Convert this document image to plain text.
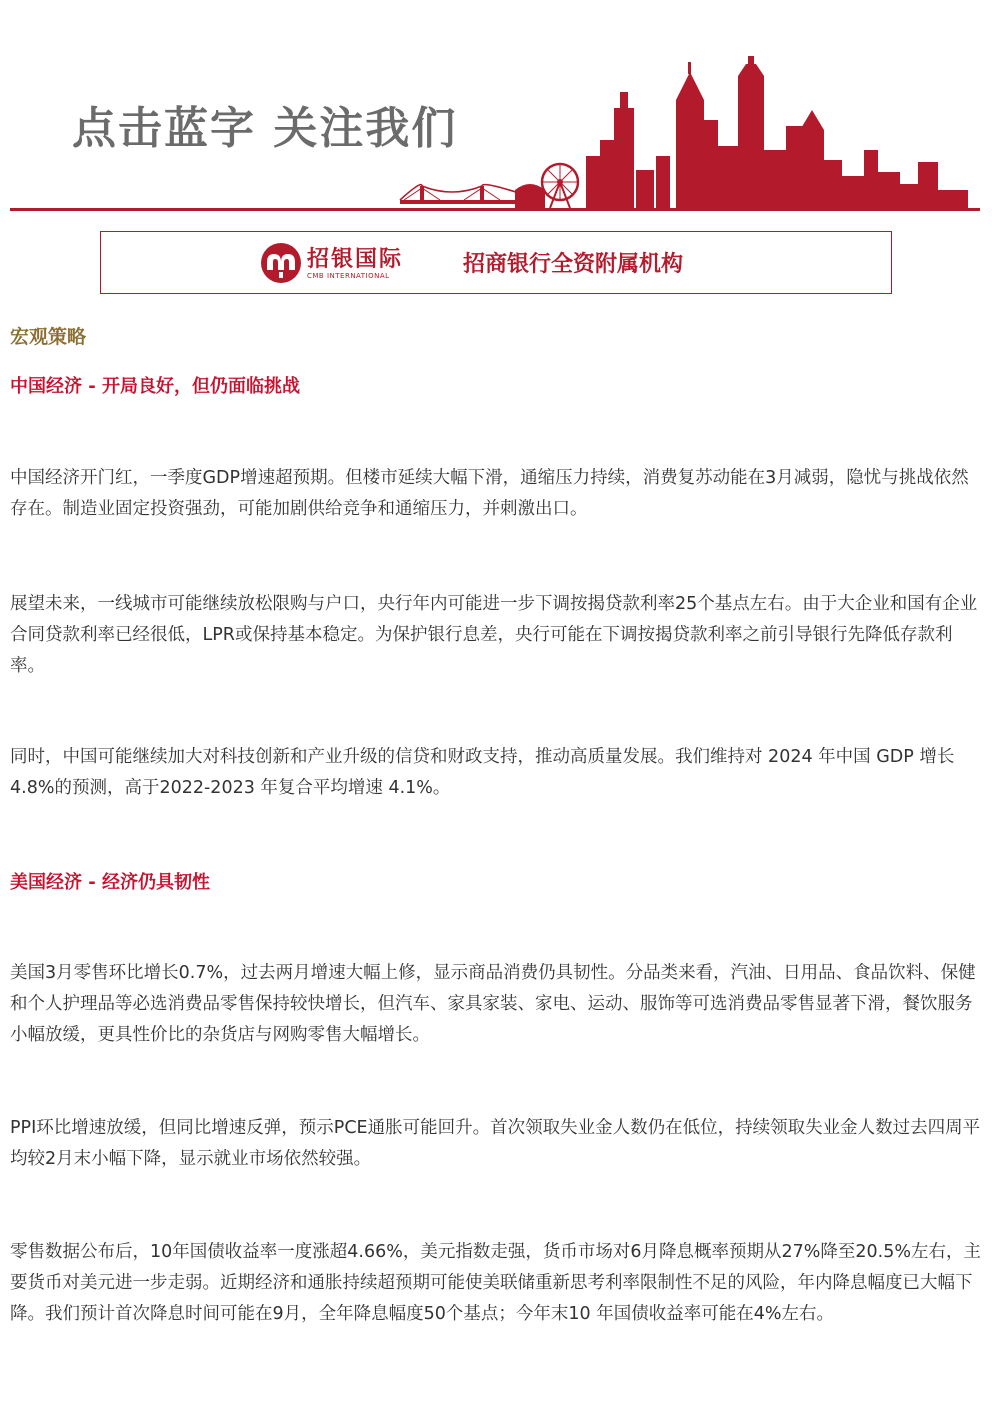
点击蓝字 关注我们
招银国际
CMB INTERNATIONAL	招商银行全资附属机构
宏观策略
中国经济 - 开局良好，但仍面临挑战

中国经济开门红，一季度GDP增速超预期。但楼市延续大幅下滑，通缩压力持续，消费复苏动能在3月减弱，隐忧与挑战依然存在。制造业固定投资强劲，可能加剧供给竞争和通缩压力，并刺激出口。

展望未来，一线城市可能继续放松限购与户口，央行年内可能进一步下调按揭贷款利率25个基点左右。由于大企业和国有企业合同贷款利率已经很低，LPR或保持基本稳定。为保护银行息差，央行可能在下调按揭贷款利率之前引导银行先降低存款利率。

同时，中国可能继续加大对科技创新和产业升级的信贷和财政支持，推动高质量发展。我们维持对 2024 年中国 GDP 增长 4.8%的预测，高于2022-2023 年复合平均增速 4.1%。

美国经济 - 经济仍具韧性

美国3月零售环比增长0.7%，过去两月增速大幅上修，显示商品消费仍具韧性。分品类来看，汽油、日用品、食品饮料、保健和个人护理品等必选消费品零售保持较快增长，但汽车、家具家装、家电、运动、服饰等可选消费品零售显著下滑，餐饮服务小幅放缓，更具性价比的杂货店与网购零售大幅增长。

PPI环比增速放缓，但同比增速反弹，预示PCE通胀可能回升。首次领取失业金人数仍在低位，持续领取失业金人数过去四周平均较2月末小幅下降，显示就业市场依然较强。

零售数据公布后，10年国债收益率一度涨超4.66%，美元指数走强，货币市场对6月降息概率预期从27%降至20.5%左右，主要货币对美元进一步走弱。近期经济和通胀持续超预期可能使美联储重新思考利率限制性不足的风险，年内降息幅度已大幅下降。我们预计首次降息时间可能在9月，全年降息幅度50个基点；今年末10 年国债收益率可能在4%左右。
